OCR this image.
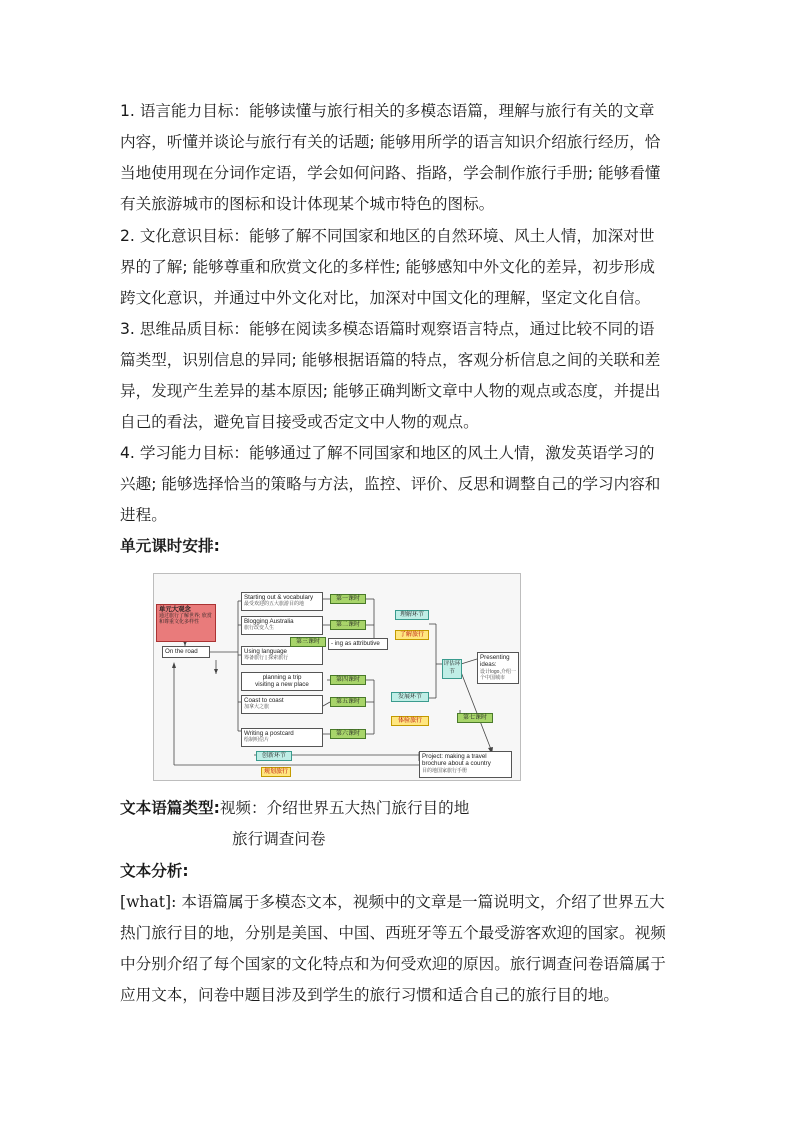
1. 语言能力目标：能够读懂与旅行相关的多模态语篇，理解与旅行有关的文章
内容，听懂并谈论与旅行有关的话题; 能够用所学的语言知识介绍旅行经历，恰
当地使用现在分词作定语，学会如何问路、指路，学会制作旅行手册; 能够看懂
有关旅游城市的图标和设计体现某个城市特色的图标。
2. 文化意识目标：能够了解不同国家和地区的自然环境、风土人情，加深对世
界的了解; 能够尊重和欣赏文化的多样性; 能够感知中外文化的差异，初步形成
跨文化意识，并通过中外文化对比，加深对中国文化的理解，坚定文化自信。
3. 思维品质目标：能够在阅读多模态语篇时观察语言特点，通过比较不同的语
篇类型，识别信息的异同; 能够根据语篇的特点，客观分析信息之间的关联和差
异，发现产生差异的基本原因; 能够正确判断文章中人物的观点或态度，并提出
自己的看法，避免盲目接受或否定文中人物的观点。
4. 学习能力目标：能够通过了解不同国家和地区的风土人情，激发英语学习的
兴趣; 能够选择恰当的策略与方法，监控、评价、反思和调整自己的学习内容和
进程。
单元课时安排:
单元大观念
通过旅行了解世界; 欣赏和尊重文化多样性
On the road
Starting out & vocabulary
最受欢迎的五大旅游目的地
Blogging Australia
旅行改变人生
Using language
筹备旅行 | 探索旅行
planning a trip
visiting a new place
Coast to coast
加拿大之旅
Writing a postcard
绘制明信片
第一课时
第二课时
第三课时
第四课时
第五课时
第六课时
第七课时
- ing as attributive
理解环节
了解旅行
发展环节
体验旅行
评估环节
Presenting ideas:
设计logo,介绍一个中国城市
创新环节
规划旅行
Project: making a travel brochure about a country
目的地国家旅行手册
文本语篇类型:视频：介绍世界五大热门旅行目的地
旅行调查问卷
文本分析:
[what]: 本语篇属于多模态文本，视频中的文章是一篇说明文，介绍了世界五大
热门旅行目的地，分别是美国、中国、西班牙等五个最受游客欢迎的国家。视频
中分别介绍了每个国家的文化特点和为何受欢迎的原因。旅行调查问卷语篇属于
应用文本，问卷中题目涉及到学生的旅行习惯和适合自己的旅行目的地。
